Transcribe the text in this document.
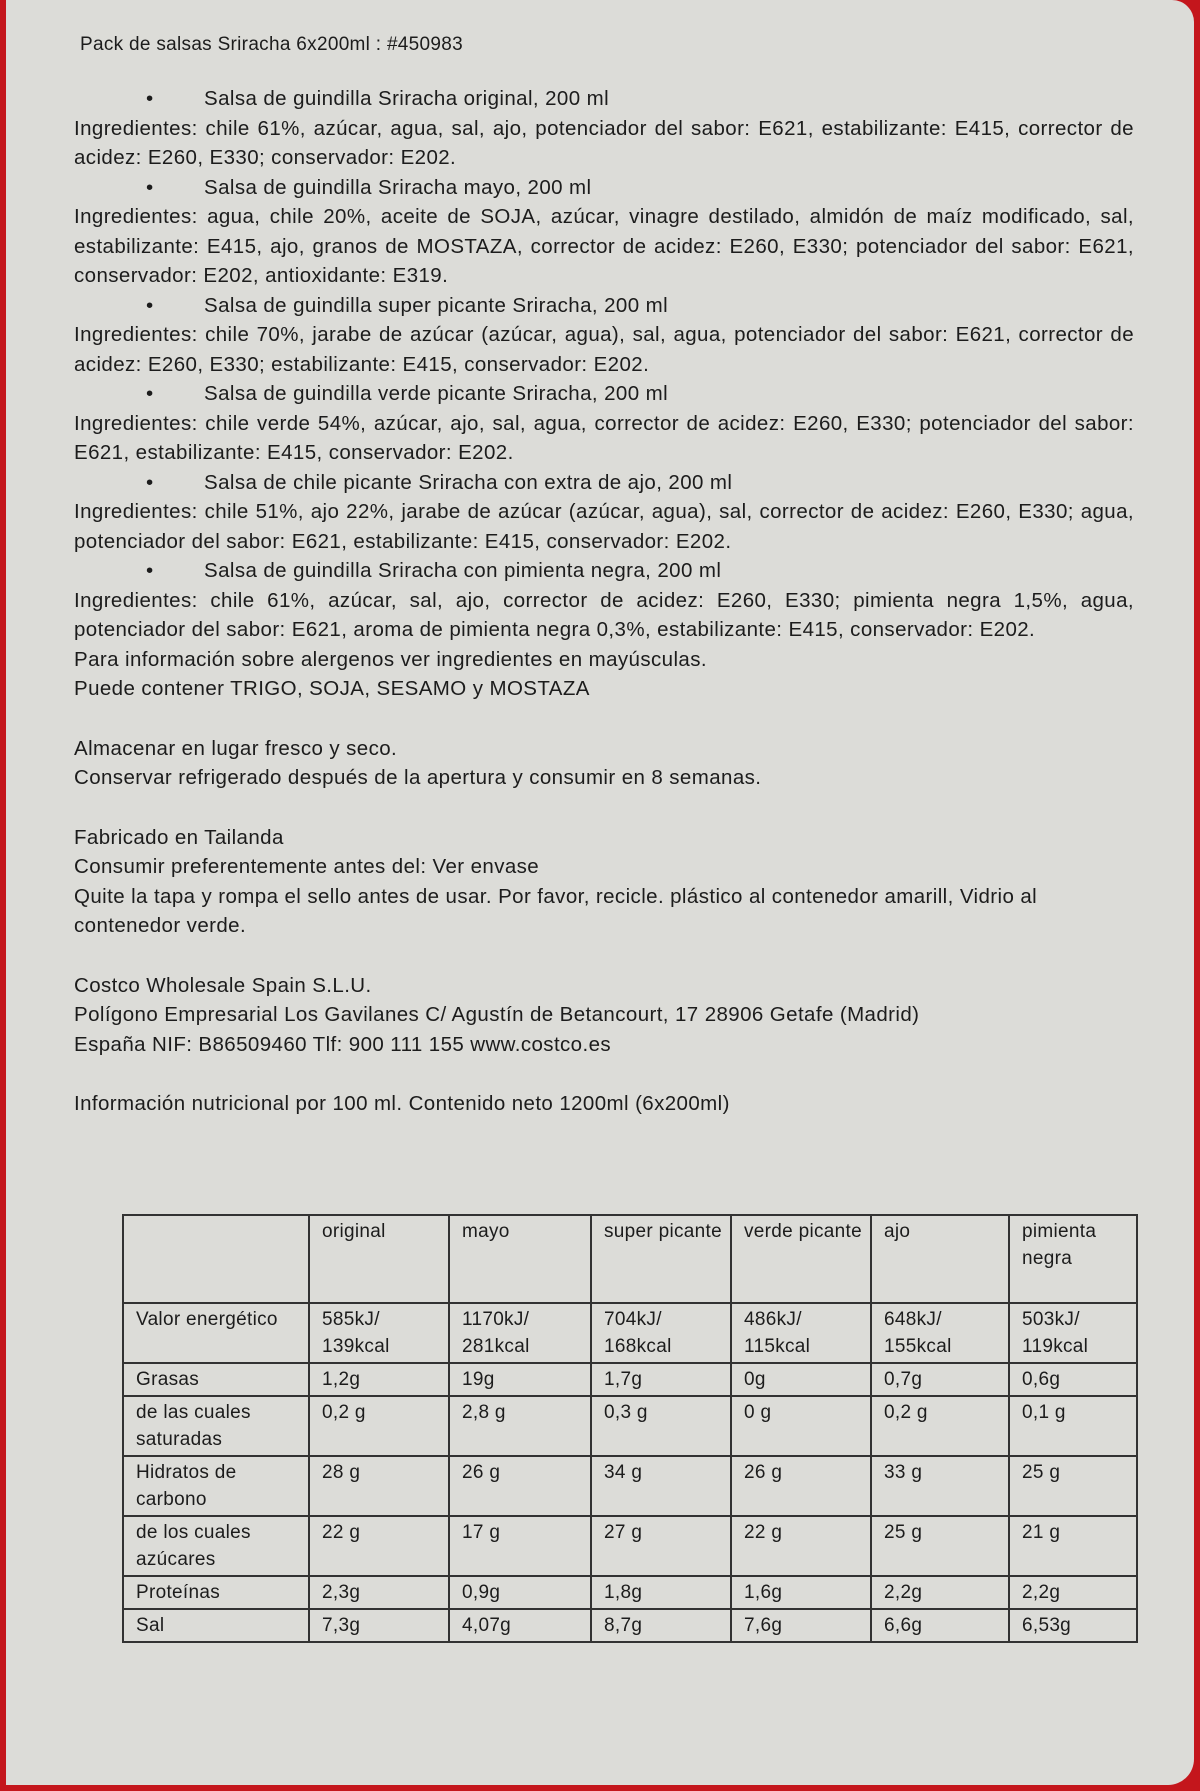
Pack de salsas Sriracha 6x200ml : #450983
• Salsa de guindilla Sriracha original, 200 ml
Ingredientes: chile 61%, azúcar, agua, sal, ajo, potenciador del sabor: E621, estabilizante: E415, corrector de acidez: E260, E330; conservador: E202.
• Salsa de guindilla Sriracha mayo, 200 ml
Ingredientes: agua, chile 20%, aceite de SOJA, azúcar, vinagre destilado, almidón de maíz modificado, sal, estabilizante: E415, ajo, granos de MOSTAZA, corrector de acidez: E260, E330; potenciador del sabor: E621, conservador: E202, antioxidante: E319.
• Salsa de guindilla super picante Sriracha, 200 ml
Ingredientes: chile 70%, jarabe de azúcar (azúcar, agua), sal, agua, potenciador del sabor: E621, corrector de acidez: E260, E330; estabilizante: E415, conservador: E202.
• Salsa de guindilla verde picante Sriracha, 200 ml
Ingredientes: chile verde 54%, azúcar, ajo, sal, agua, corrector de acidez: E260, E330; potenciador del sabor: E621, estabilizante: E415, conservador: E202.
• Salsa de chile picante Sriracha con extra de ajo, 200 ml
Ingredientes: chile 51%, ajo 22%, jarabe de azúcar (azúcar, agua), sal, corrector de acidez: E260, E330; agua, potenciador del sabor: E621, estabilizante: E415, conservador: E202.
• Salsa de guindilla Sriracha con pimienta negra, 200 ml
Ingredientes: chile 61%, azúcar, sal, ajo, corrector de acidez: E260, E330; pimienta negra 1,5%, agua, potenciador del sabor: E621, aroma de pimienta negra 0,3%, estabilizante: E415, conservador: E202.
Para información sobre alergenos ver ingredientes en mayúsculas.
Puede contener TRIGO, SOJA, SESAMO y MOSTAZA
Almacenar en lugar fresco y seco.
Conservar refrigerado después de la apertura y consumir en 8 semanas.
Fabricado en Tailanda
Consumir preferentemente antes del: Ver envase
Quite la tapa y rompa el sello antes de usar. Por favor, recicle. plástico al contenedor amarill, Vidrio al contenedor verde.
Costco Wholesale Spain S.L.U.
Polígono Empresarial Los Gavilanes C/ Agustín de Betancourt, 17 28906 Getafe (Madrid)
España NIF: B86509460 Tlf: 900 111 155 www.costco.es
Información nutricional por 100 ml. Contenido neto 1200ml (6x200ml)
	original	mayo	super picante	verde picante	ajo	pimienta negra
Valor energético	585kJ/ 139kcal	1170kJ/ 281kcal	704kJ/ 168kcal	486kJ/ 115kcal	648kJ/ 155kcal	503kJ/ 119kcal
Grasas	1,2g	19g	1,7g	0g	0,7g	0,6g
de las cuales saturadas	0,2 g	2,8 g	0,3 g	0 g	0,2 g	0,1 g
Hidratos de carbono	28 g	26 g	34 g	26 g	33 g	25 g
de los cuales azúcares	22 g	17 g	27 g	22 g	25 g	21 g
Proteínas	2,3g	0,9g	1,8g	1,6g	2,2g	2,2g
Sal	7,3g	4,07g	8,7g	7,6g	6,6g	6,53g
